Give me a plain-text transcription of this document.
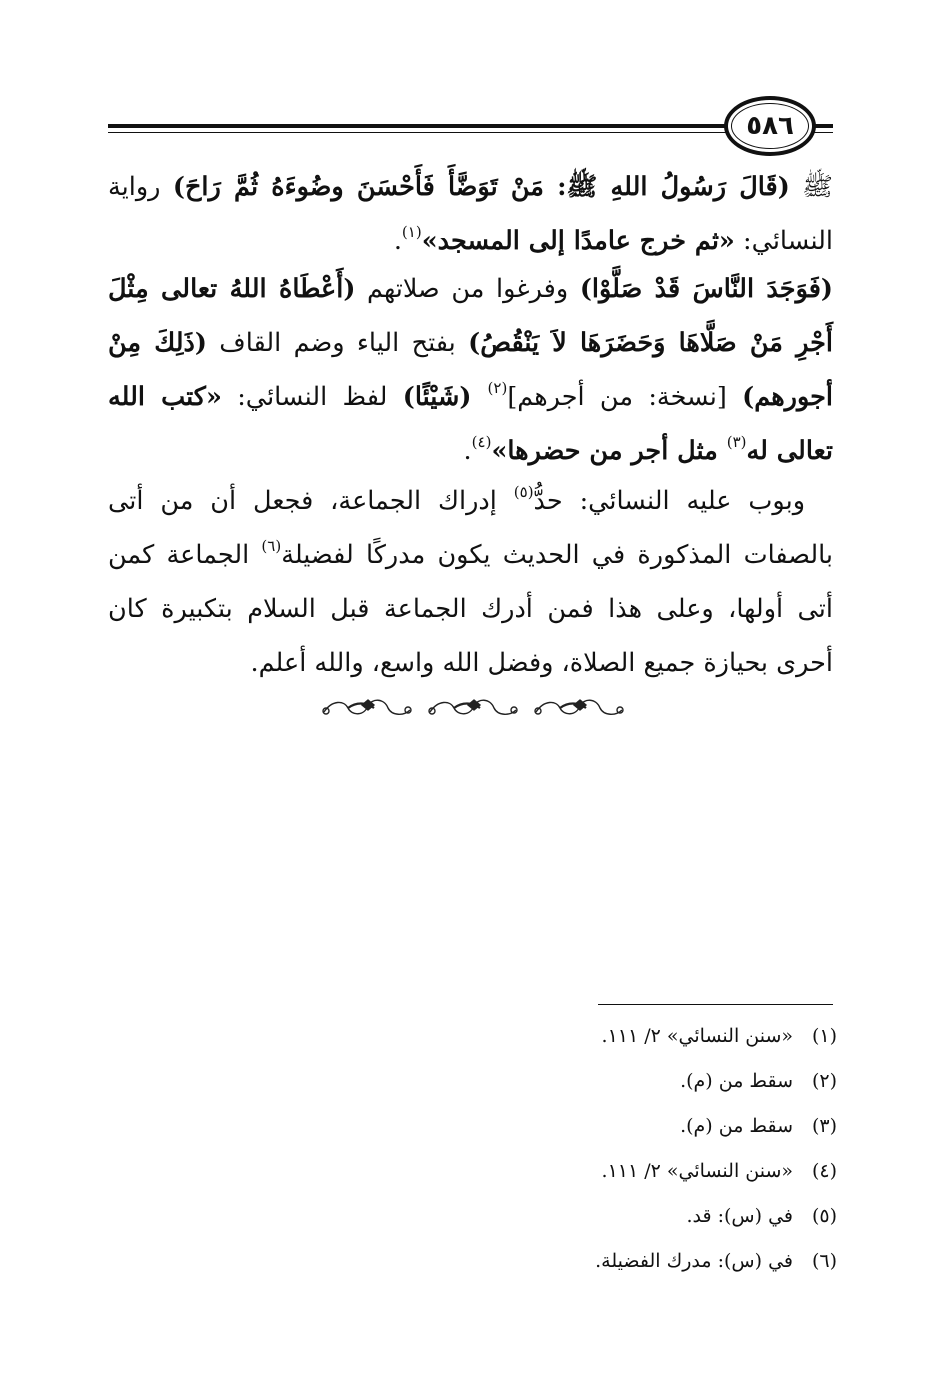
٥٨٦

ﷺ (قَالَ رَسُولُ اللهِ ﷺ: مَنْ تَوَضَّأَ فَأَحْسَنَ وضُوءَهُ ثُمَّ رَاحَ) رواية النسائي: «ثم خرج عامدًا إلى المسجد»$^{(١)}$.

(فَوَجَدَ النَّاسَ قَدْ صَلَّوْا) وفرغوا من صلاتهم (أَعْطَاهُ اللهُ تعالى مِثْلَ أَجْرِ مَنْ صَلَّاهَا وَحَضَرَهَا لاَ يَنْقُصُ) بفتح الياء وضم القاف (ذَلِكَ مِنْ أجورهم) [نسخة: من أجرهم]$^{(٢)}$ (شَيْئًا) لفظ النسائي: «كتب الله تعالى له$^{(٣)}$ مثل أجر من حضرها»$^{(٤)}$.

وبوب عليه النسائي: حدُّ$^{(٥)}$ إدراك الجماعة، فجعل أن من أتى بالصفات المذكورة في الحديث يكون مدركًا لفضيلة$^{(٦)}$ الجماعة كمن أتى أولها، وعلى هذا فمن أدرك الجماعة قبل السلام بتكبيرة كان أحرى بحيازة جميع الصلاة، وفضل الله واسع، والله أعلم.

(١)
«سنن النسائي» ٢/ ١١١.
(٢)
سقط من (م).
(٣)
سقط من (م).
(٤)
«سنن النسائي» ٢/ ١١١.
(٥)
في (س): قد.
(٦)
في (س): مدرك الفضيلة.
